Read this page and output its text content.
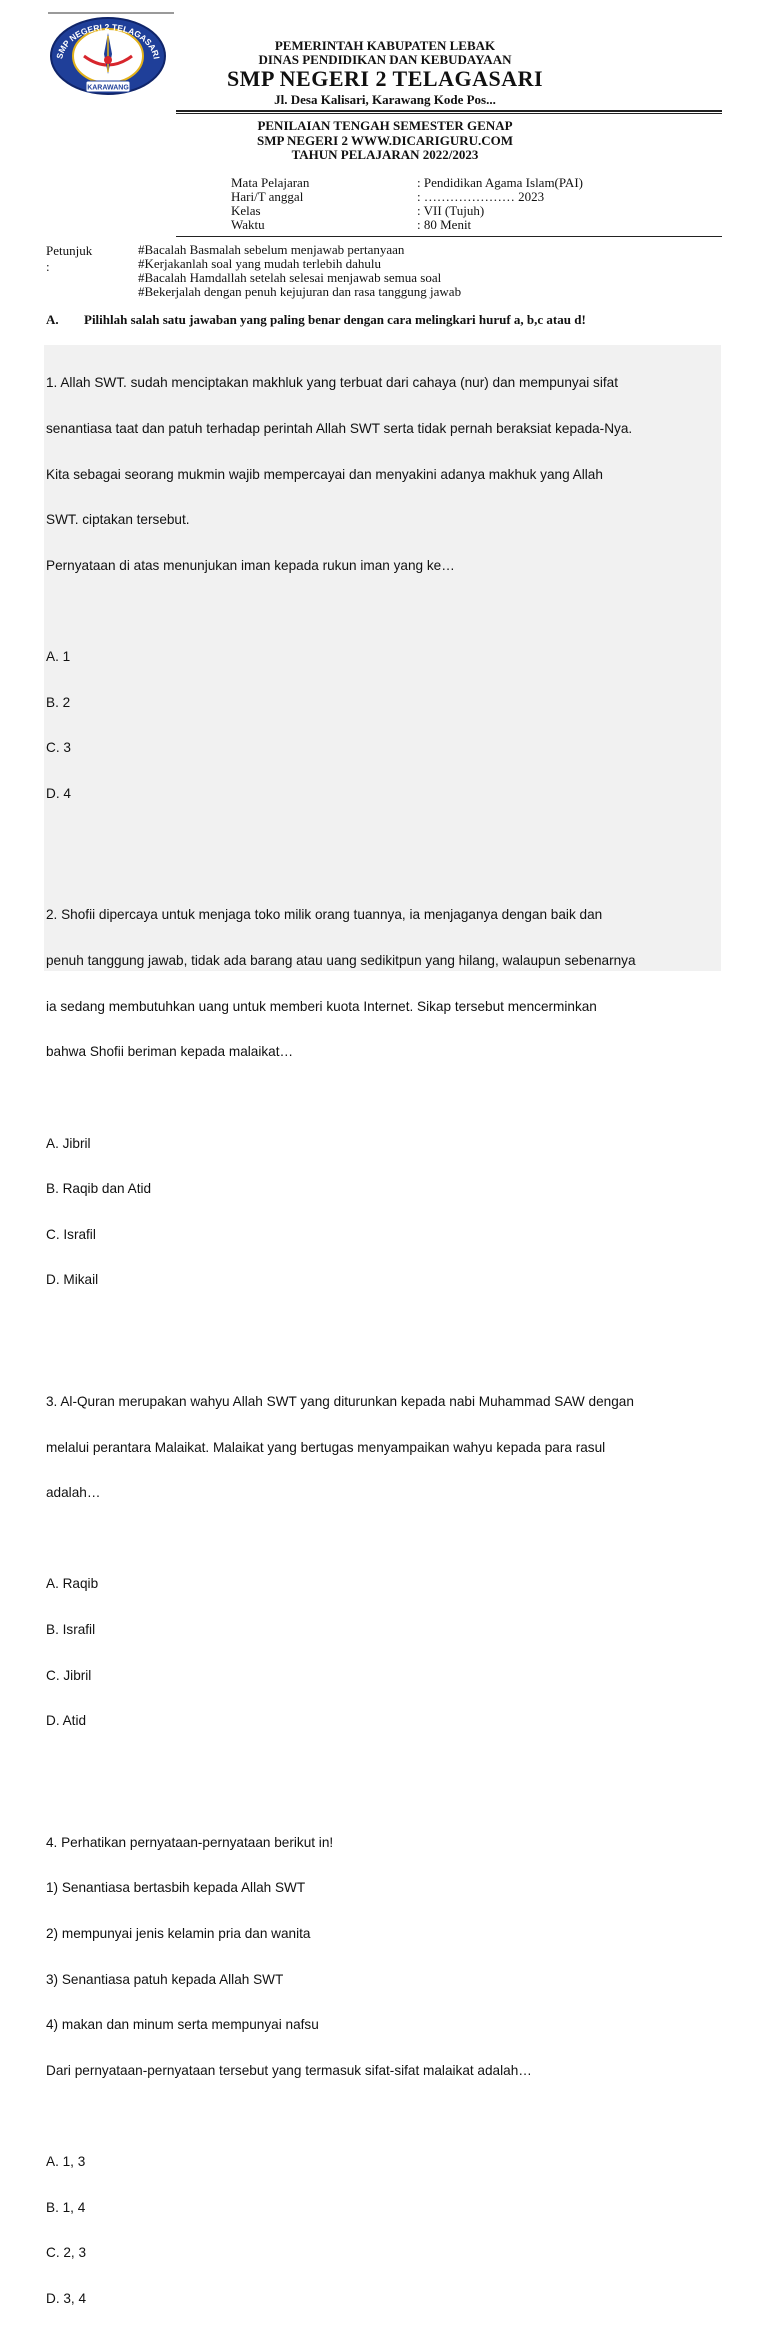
SMP NEGERI 2 TELAGASARI
KARAWANG
PEMERINTAH KABUPATEN LEBAK
DINAS PENDIDIKAN DAN KEBUDAYAAN
SMP NEGERI 2 TELAGASARI
Jl. Desa Kalisari, Karawang Kode Pos...
PENILAIAN TENGAH SEMESTER GENAP
SMP NEGERI 2 WWW.DICARIGURU.COM
TAHUN PELAJARAN 2022/2023
Mata Pelajaran	: Pendidikan Agama Islam(PAI)
Hari/T anggal	: ………………… 2023
Kelas	: VII (Tujuh)
Waktu	: 80 Menit
Petunjuk :
#Bacalah Basmalah sebelum menjawab pertanyaan
#Kerjakanlah soal yang mudah terlebih dahulu
#Bacalah Hamdallah setelah selesai menjawab semua soal
#Bekerjalah dengan penuh kejujuran dan rasa tanggung jawab
A. Pilihlah salah satu jawaban yang paling benar dengan cara melingkari huruf a, b,c atau d!

1. Allah SWT. sudah menciptakan makhluk yang terbuat dari cahaya (nur) dan mempunyai sifat

senantiasa taat dan patuh terhadap perintah Allah SWT serta tidak pernah beraksiat kepada-Nya.

Kita sebagai seorang mukmin wajib mempercayai dan menyakini adanya makhuk yang Allah

SWT. ciptakan tersebut.

Pernyataan di atas menunjukan iman kepada rukun iman yang ke…

A. 1

B. 2

C. 3

D. 4

2. Shofii dipercaya untuk menjaga toko milik orang tuannya, ia menjaganya dengan baik dan

penuh tanggung jawab, tidak ada barang atau uang sedikitpun yang hilang, walaupun sebenarnya

ia sedang membutuhkan uang untuk memberi kuota Internet. Sikap tersebut mencerminkan

bahwa Shofii beriman kepada malaikat…

A. Jibril

B. Raqib dan Atid

C. Israfil

D. Mikail

3. Al-Quran merupakan wahyu Allah SWT yang diturunkan kepada nabi Muhammad SAW dengan

melalui perantara Malaikat. Malaikat yang bertugas menyampaikan wahyu kepada para rasul

adalah…

A. Raqib

B. Israfil

C. Jibril

D. Atid

4. Perhatikan pernyataan-pernyataan berikut in!

1) Senantiasa bertasbih kepada Allah SWT

2) mempunyai jenis kelamin pria dan wanita

3) Senantiasa patuh kepada Allah SWT

4) makan dan minum serta mempunyai nafsu

Dari pernyataan-pernyataan tersebut yang termasuk sifat-sifat malaikat adalah…

A. 1, 3

B. 1, 4

C. 2, 3

D. 3, 4
